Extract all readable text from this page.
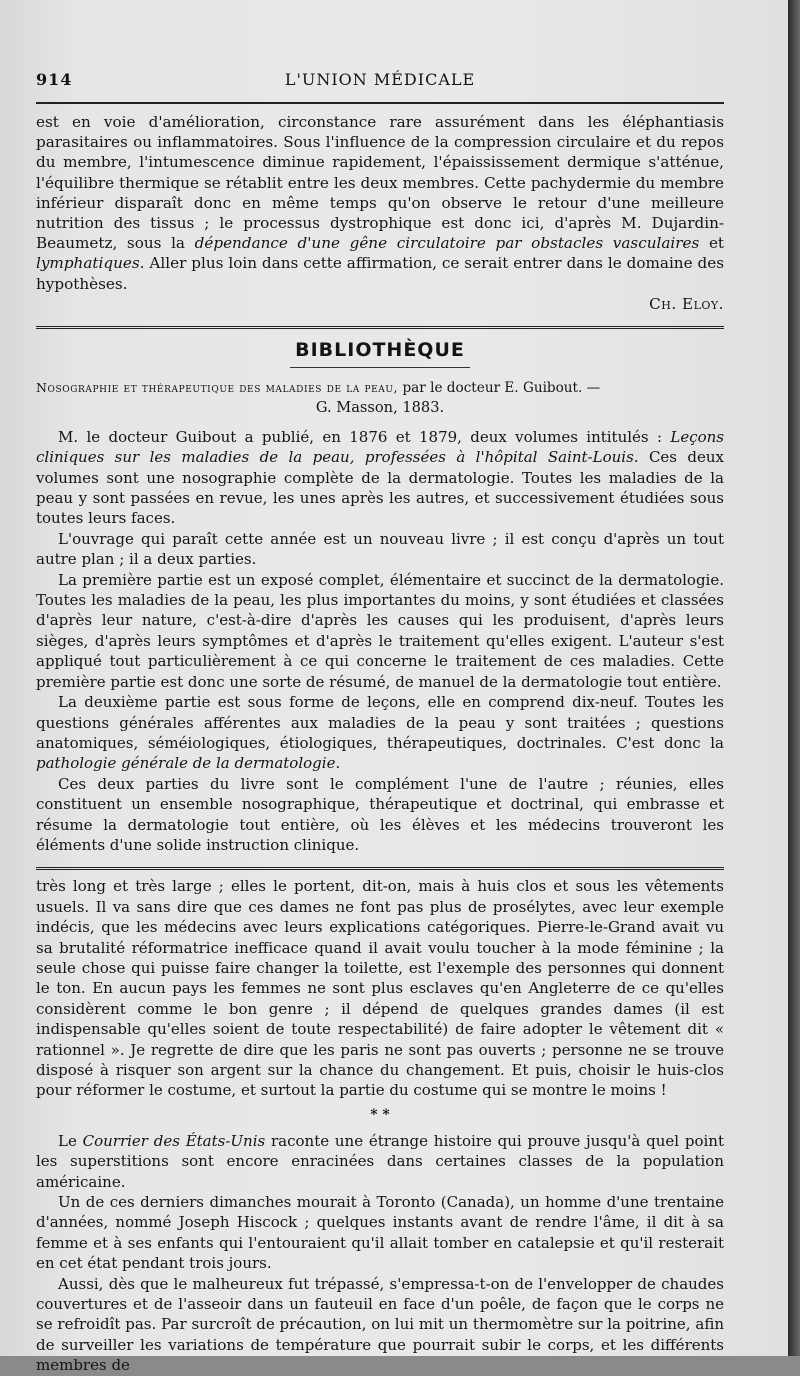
914	L'UNION MÉDICALE

est en voie d'amélioration, circonstance rare assurément dans les éléphantiasis parasitaires ou inflammatoires. Sous l'influence de la compression circulaire et du repos du membre, l'intumescence diminue rapidement, l'épaississement dermique s'atténue, l'équilibre thermique se rétablit entre les deux membres. Cette pachydermie du membre inférieur disparaît donc en même temps qu'on observe le retour d'une meilleure nutrition des tissus ; le processus dystrophique est donc ici, d'après M. Dujardin-Beaumetz, sous la dépendance d'une gêne circulatoire par obstacles vasculaires et lymphatiques. Aller plus loin dans cette affirmation, ce serait entrer dans le domaine des hypothèses.

Ch. Eloy.
BIBLIOTHÈQUE

Nosographie et thérapeutique des maladies de la peau, par le docteur E. Guibout. —

G. Masson, 1883.

M. le docteur Guibout a publié, en 1876 et 1879, deux volumes intitulés : Leçons cliniques sur les maladies de la peau, professées à l'hôpital Saint-Louis. Ces deux volumes sont une nosographie complète de la dermatologie. Toutes les maladies de la peau y sont passées en revue, les unes après les autres, et successivement étudiées sous toutes leurs faces.

L'ouvrage qui paraît cette année est un nouveau livre ; il est conçu d'après un tout autre plan ; il a deux parties.

La première partie est un exposé complet, élémentaire et succinct de la dermatologie. Toutes les maladies de la peau, les plus importantes du moins, y sont étudiées et classées d'après leur nature, c'est-à-dire d'après les causes qui les produisent, d'après leurs sièges, d'après leurs symptômes et d'après le traitement qu'elles exigent. L'auteur s'est appliqué tout particulièrement à ce qui concerne le traitement de ces maladies. Cette première partie est donc une sorte de résumé, de manuel de la dermatologie tout entière.

La deuxième partie est sous forme de leçons, elle en comprend dix-neuf. Toutes les questions générales afférentes aux maladies de la peau y sont traitées ; questions anatomiques, séméiologiques, étiologiques, thérapeutiques, doctrinales. C'est donc la pathologie générale de la dermatologie.

Ces deux parties du livre sont le complément l'une de l'autre ; réunies, elles constituent un ensemble nosographique, thérapeutique et doctrinal, qui embrasse et résume la dermatologie tout entière, où les élèves et les médecins trouveront les éléments d'une solide instruction clinique.

très long et très large ; elles le portent, dit-on, mais à huis clos et sous les vêtements usuels. Il va sans dire que ces dames ne font pas plus de prosélytes, avec leur exemple indécis, que les médecins avec leurs explications catégoriques. Pierre-le-Grand avait vu sa brutalité réformatrice inefficace quand il avait voulu toucher à la mode féminine ; la seule chose qui puisse faire changer la toilette, est l'exemple des personnes qui donnent le ton. En aucun pays les femmes ne sont plus esclaves qu'en Angleterre de ce qu'elles considèrent comme le bon genre ; il dépend de quelques grandes dames (il est indispensable qu'elles soient de toute respectabilité) de faire adopter le vêtement dit « rationnel ». Je regrette de dire que les paris ne sont pas ouverts ; personne ne se trouve disposé à risquer son argent sur la chance du changement. Et puis, choisir le huis-clos pour réformer le costume, et surtout la partie du costume qui se montre le moins !

* *

Le Courrier des États-Unis raconte une étrange histoire qui prouve jusqu'à quel point les superstitions sont encore enracinées dans certaines classes de la population américaine.

Un de ces derniers dimanches mourait à Toronto (Canada), un homme d'une trentaine d'années, nommé Joseph Hiscock ; quelques instants avant de rendre l'âme, il dit à sa femme et à ses enfants qui l'entouraient qu'il allait tomber en catalepsie et qu'il resterait en cet état pendant trois jours.

Aussi, dès que le malheureux fut trépassé, s'empressa-t-on de l'envelopper de chaudes couvertures et de l'asseoir dans un fauteuil en face d'un poêle, de façon que le corps ne se refroidît pas. Par surcroît de précaution, on lui mit un thermomètre sur la poitrine, afin de surveiller les variations de température que pourrait subir le corps, et les différents membres de
